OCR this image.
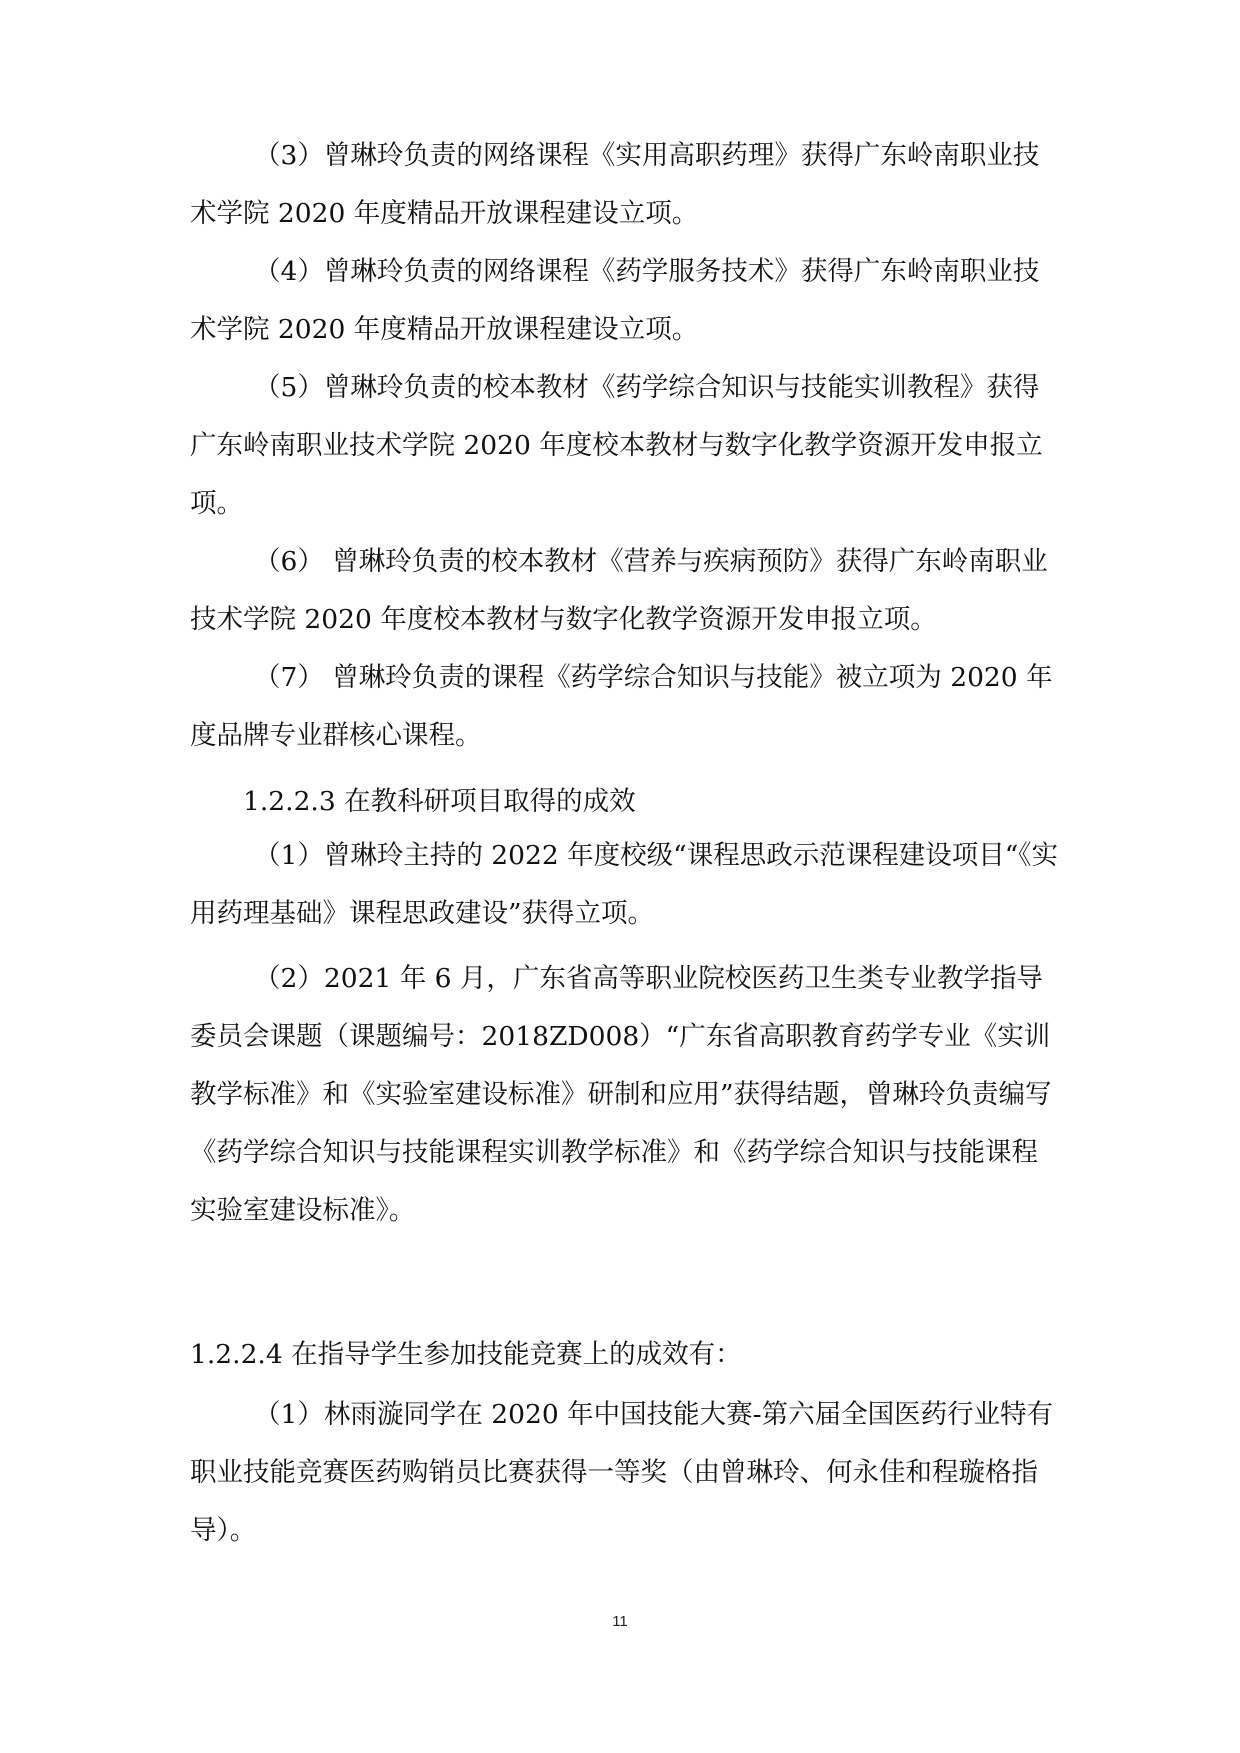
（3）曾琳玲负责的网络课程《实用高职药理》获得广东岭南职业技术学院 2020 年度精品开放课程建设立项。

（4）曾琳玲负责的网络课程《药学服务技术》获得广东岭南职业技术学院 2020 年度精品开放课程建设立项。

（5）曾琳玲负责的校本教材《药学综合知识与技能实训教程》获得广东岭南职业技术学院 2020 年度校本教材与数字化教学资源开发申报立项。

（6） 曾琳玲负责的校本教材《营养与疾病预防》获得广东岭南职业技术学院 2020 年度校本教材与数字化教学资源开发申报立项。

（7） 曾琳玲负责的课程《药学综合知识与技能》被立项为 2020 年度品牌专业群核心课程。

1.2.2.3 在教科研项目取得的成效

（1）曾琳玲主持的 2022 年度校级“课程思政示范课程建设项目“《实用药理基础》课程思政建设”获得立项。

（2）2021 年 6 月，广东省高等职业院校医药卫生类专业教学指导委员会课题（课题编号：2018ZD008）“广东省高职教育药学专业《实训教学标准》和《实验室建设标准》研制和应用”获得结题，曾琳玲负责编写《药学综合知识与技能课程实训教学标准》和《药学综合知识与技能课程实验室建设标准》。

1.2.2.4 在指导学生参加技能竞赛上的成效有：

（1）林雨漩同学在 2020 年中国技能大赛-第六届全国医药行业特有职业技能竞赛医药购销员比赛获得一等奖（由曾琳玲、何永佳和程璇格指导）。

11
